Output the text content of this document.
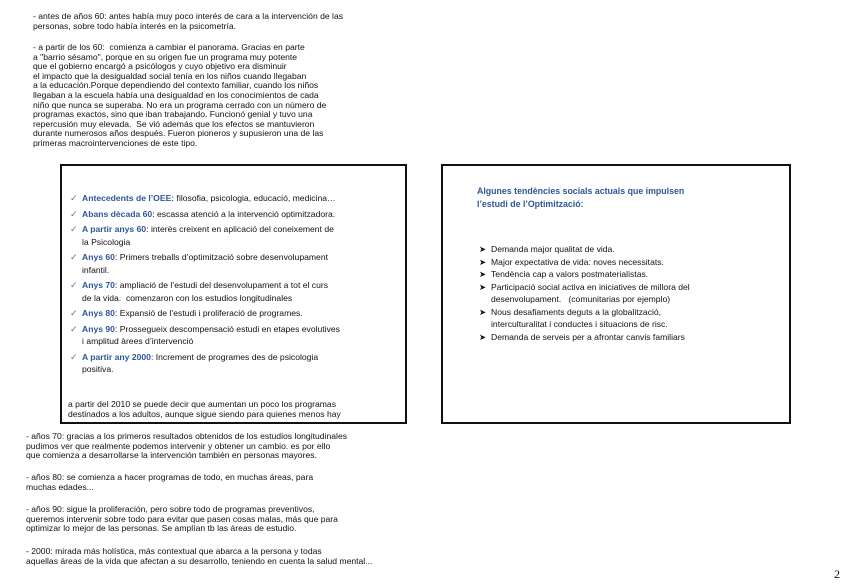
- antes de años 60: antes había muy poco interés de cara a la intervención de las
personas, sobre todo había interés en la psicometría.
- a partir de los 60:  comienza a cambiar el panorama. Gracias en parte
a "barrio sésamo", porque en su origen fue un programa muy potente
que el gobierno encargó a psicólogos y cuyo objetivo era disminuir
el impacto que la desigualdad social tenía en los niños cuando llegaban
a la educación.Porque dependiendo del contexto familiar, cuando los niños
llegaban a la escuela había una desigualdad en los conocimientos de cada
niño que nunca se superaba. No era un programa cerrado con un número de
programas exactos, sino que iban trabajando. Funcionó genial y tuvo una
repercusión muy elevada.  Se vió además que los efectos se mantuvieron
durante numerosos años después. Fueron pioneros y supusieron una de las
primeras macrointervenciones de este tipo.
✓ Antecedents de l’OEE: filosofia, psicologia, educació, medicina…
✓ Abans dècada 60: escassa atenció a la intervenció optimitzadora.
✓ A partir anys 60: interès creixent en aplicació del coneixement de
la Psicologia
✓ Anys 60: Primers treballs d’optimització sobre desenvolupament
infantil.
✓ Anys 70: ampliació de l’estudi del desenvolupament a tot el curs
de la vida.  comenzaron con los estudios longitudinales
✓ Anys 80: Expansió de l’estudi i proliferació de programes.
✓ Anys 90: Prossegueix descompensació estudi en etapes evolutives
i amplitud àrees d’intervenció
✓ A partir any 2000: Increment de programes des de psicologia
positiva.
a partir del 2010 se puede decir que aumentan un poco los programas
destinados a los adultos, aunque sigue siendo para quienes menos hay
Algunes tendències socials actuals que impulsen
l’estudi de l’Optimització:
➤ Demanda major qualitat de vida.
➤ Major expectativa de vida: noves necessitats.
➤ Tendència cap a valors postmaterialistas.
➤ Participació social activa en iniciatives de millora del
desenvolupament.   (comunitarias por ejemplo)
➤ Nous desafiaments deguts a la globalització,
interculturalitat i conductes i situacions de risc.
➤ Demanda de serveis per a afrontar canvis familiars
- años 70: gracias a los primeros resultados obtenidos de los estudios longitudinales
pudimos ver que realmente podemos intervenir y obtener un cambio. es por ello
que comienza a desarrollarse la intervención también en personas mayores.
- años 80: se comienza a hacer programas de todo, en muchas áreas, para
muchas edades...
- años 90: sigue la proliferación, pero sobre todo de programas preventivos,
queremos intervenir sobre todo para evitar que pasen cosas malas, más que para
optimizar lo mejor de las personas. Se amplían tb las áreas de estudio.
- 2000: mirada más holística, más contextual que abarca a la persona y todas
aquellas áreas de la vida que afectan a su desarrollo, teniendo en cuenta la salud mental...
2
